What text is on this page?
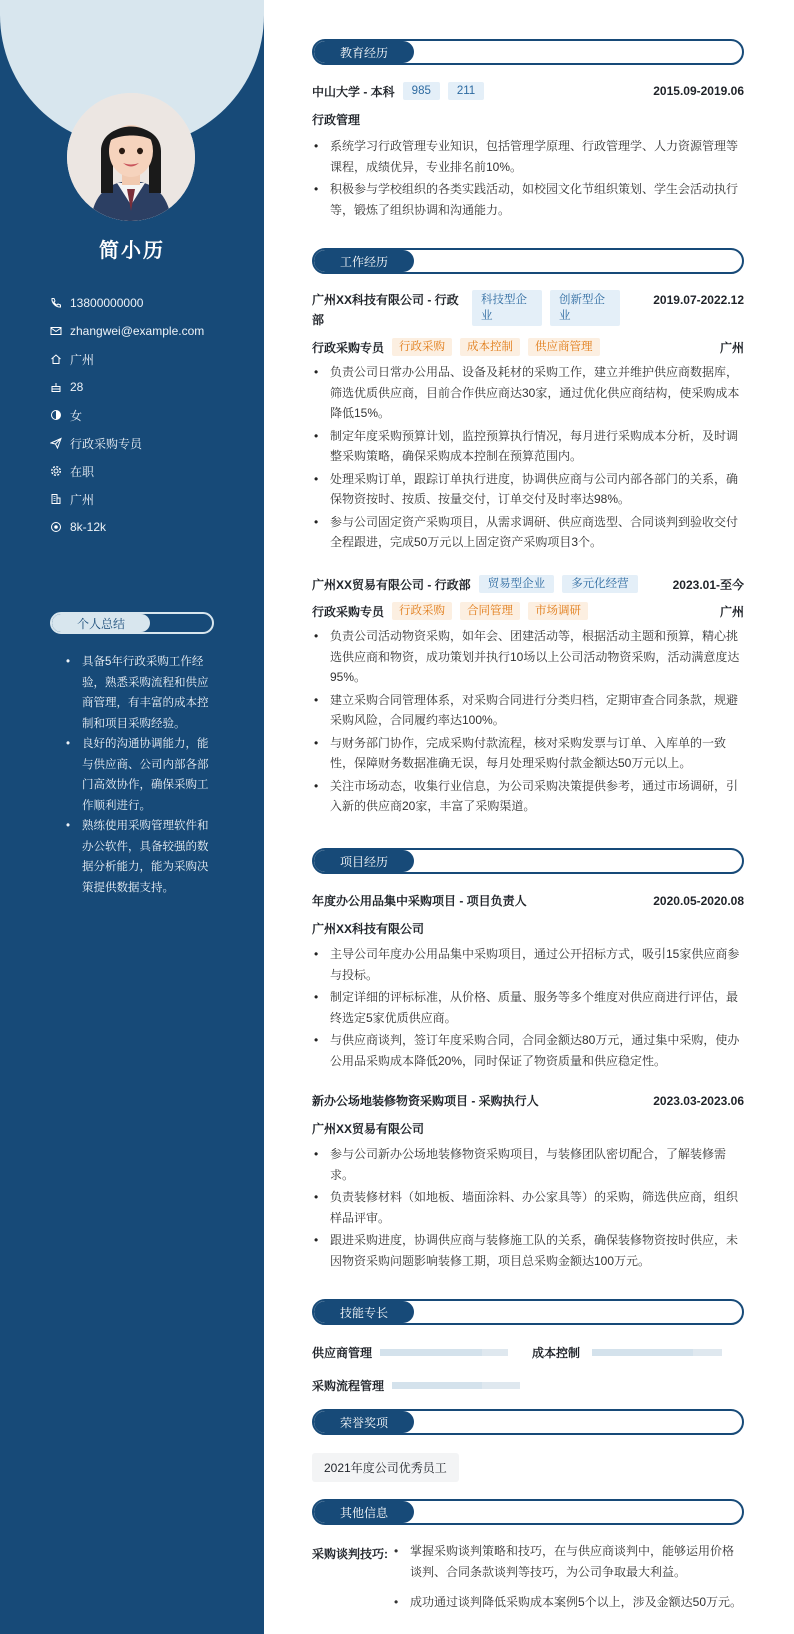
简小历
13800000000
zhangwei@example.com
广州
28
女
行政采购专员
在职
广州
8k-12k
个人总结
• 具备5年行政采购工作经验，熟悉采购流程和供应商管理，有丰富的成本控制和项目采购经验。
• 良好的沟通协调能力，能与供应商、公司内部各部门高效协作，确保采购工作顺利进行。
• 熟练使用采购管理软件和办公软件，具备较强的数据分析能力，能为采购决策提供数据支持。
教育经历
中山大学 - 本科	985	211	2015.09-2019.06
行政管理
• 系统学习行政管理专业知识，包括管理学原理、行政管理学、人力资源管理等课程，成绩优异，专业排名前10%。
• 积极参与学校组织的各类实践活动，如校园文化节组织策划、学生会活动执行等，锻炼了组织协调和沟通能力。
工作经历
广州XX科技有限公司 - 行政部
科技型企业
创新型企业
2019.07-2022.12
行政采购专员	行政采购	成本控制	供应商管理	广州
• 负责公司日常办公用品、设备及耗材的采购工作，建立并维护供应商数据库，筛选优质供应商，目前合作供应商达30家，通过优化供应商结构，使采购成本降低15%。
• 制定年度采购预算计划，监控预算执行情况，每月进行采购成本分析，及时调整采购策略，确保采购成本控制在预算范围内。
• 处理采购订单，跟踪订单执行进度，协调供应商与公司内部各部门的关系，确保物资按时、按质、按量交付，订单交付及时率达98%。
• 参与公司固定资产采购项目，从需求调研、供应商选型、合同谈判到验收交付全程跟进，完成50万元以上固定资产采购项目3个。
广州XX贸易有限公司 - 行政部	贸易型企业	多元化经营	2023.01-至今
行政采购专员	行政采购	合同管理	市场调研	广州
• 负责公司活动物资采购，如年会、团建活动等，根据活动主题和预算，精心挑选供应商和物资，成功策划并执行10场以上公司活动物资采购，活动满意度达95%。
• 建立采购合同管理体系，对采购合同进行分类归档，定期审查合同条款，规避采购风险，合同履约率达100%。
• 与财务部门协作，完成采购付款流程，核对采购发票与订单、入库单的一致性，保障财务数据准确无误，每月处理采购付款金额达50万元以上。
• 关注市场动态，收集行业信息，为公司采购决策提供参考，通过市场调研，引入新的供应商20家，丰富了采购渠道。
项目经历
年度办公用品集中采购项目 - 项目负责人	2020.05-2020.08
广州XX科技有限公司
• 主导公司年度办公用品集中采购项目，通过公开招标方式，吸引15家供应商参与投标。
• 制定详细的评标标准，从价格、质量、服务等多个维度对供应商进行评估，最终选定5家优质供应商。
• 与供应商谈判，签订年度采购合同，合同金额达80万元，通过集中采购，使办公用品采购成本降低20%，同时保证了物资质量和供应稳定性。
新办公场地装修物资采购项目 - 采购执行人	2023.03-2023.06
广州XX贸易有限公司
• 参与公司新办公场地装修物资采购项目，与装修团队密切配合，了解装修需求。
• 负责装修材料（如地板、墙面涂料、办公家具等）的采购，筛选供应商，组织样品评审。
• 跟进采购进度，协调供应商与装修施工队的关系，确保装修物资按时供应，未因物资采购问题影响装修工期，项目总采购金额达100万元。
技能专长
供应商管理	成本控制
采购流程管理
荣誉奖项
2021年度公司优秀员工
其他信息
采购谈判技巧:
•	掌握采购谈判策略和技巧，在与供应商谈判中，能够运用价格谈判、合同条款谈判等技巧，为公司争取最大利益。
• 成功通过谈判降低采购成本案例5个以上，涉及金额达50万元。
